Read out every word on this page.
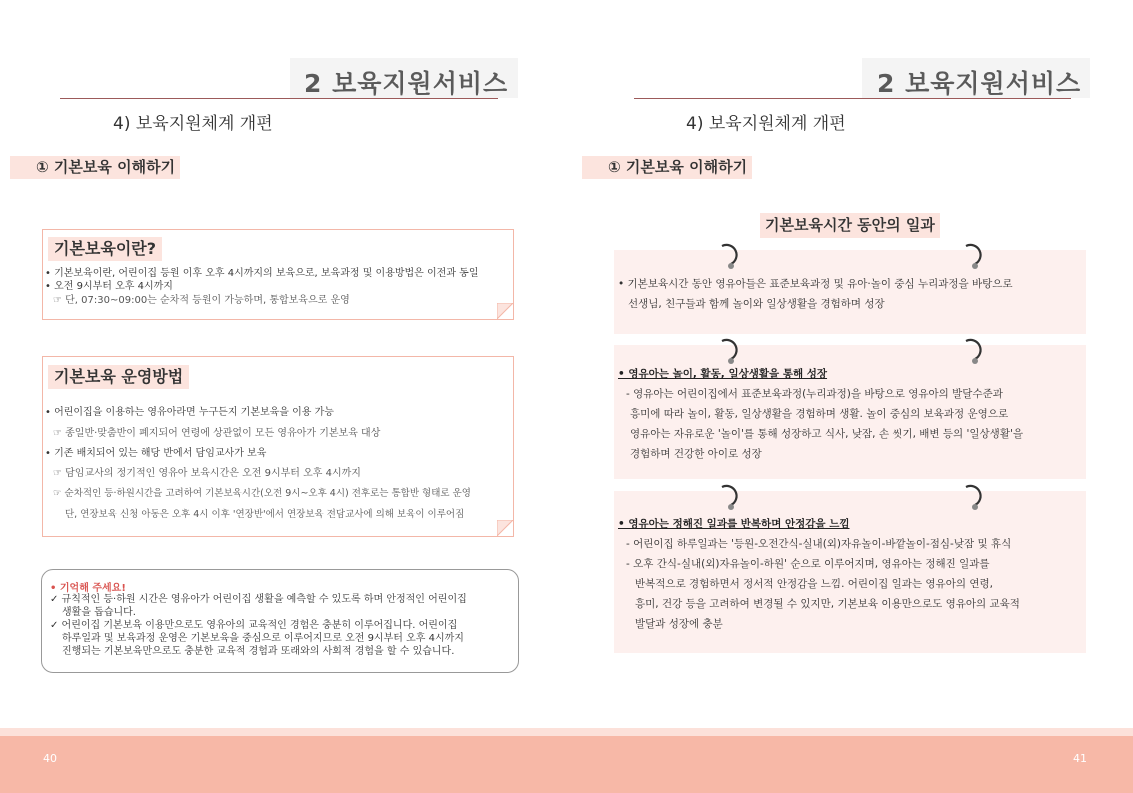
2 보육지원서비스
4) 보육지원체계 개편
① 기본보육 이해하기
기본보육이란?
• 기본보육이란, 어린이집 등원 이후 오후 4시까지의 보육으로, 보육과정 및 이용방법은 이전과 동일
• 오전 9시부터 오후 4시까지
☞ 단, 07:30~09:00는 순차적 등원이 가능하며, 통합보육으로 운영
기본보육 운영방법
• 어린이집을 이용하는 영유아라면 누구든지 기본보육을 이용 가능
☞ 종일반·맞춤반이 폐지되어 연령에 상관없이 모든 영유아가 기본보육 대상
• 기존 배치되어 있는 해당 반에서 담임교사가 보육
☞ 담임교사의 정기적인 영유아 보육시간은 오전 9시부터 오후 4시까지
☞ 순차적인 등·하원시간을 고려하여 기본보육시간(오전 9시~오후 4시) 전후로는 통합반 형태로 운영
단, 연장보육 신청 아동은 오후 4시 이후 '연장반'에서 연장보육 전담교사에 의해 보육이 이루어짐
• 기억해 주세요!
✓ 규칙적인 등·하원 시간은 영유아가 어린이집 생활을 예측할 수 있도록 하며 안정적인 어린이집
생활을 돕습니다.
✓ 어린이집 기본보육 이용만으로도 영유아의 교육적인 경험은 충분히 이루어집니다. 어린이집
하루일과 및 보육과정 운영은 기본보육을 중심으로 이루어지므로 오전 9시부터 오후 4시까지
진행되는 기본보육만으로도 충분한 교육적 경험과 또래와의 사회적 경험을 할 수 있습니다.
2 보육지원서비스
4) 보육지원체계 개편
① 기본보육 이해하기
기본보육시간 동안의 일과
• 기본보육시간 동안 영유아들은 표준보육과정 및 유아·놀이 중심 누리과정을 바탕으로
선생님, 친구들과 함께 놀이와 일상생활을 경험하며 성장
• 영유아는 놀이, 활동, 일상생활을 통해 성장
- 영유아는 어린이집에서 표준보육과정(누리과정)을 바탕으로 영유아의 발달수준과
흥미에 따라 놀이, 활동, 일상생활을 경험하며 생활. 놀이 중심의 보육과정 운영으로
영유아는 자유로운 '놀이'를 통해 성장하고 식사, 낮잠, 손 씻기, 배변 등의 '일상생활'을
경험하며 건강한 아이로 성장
• 영유아는 정해진 일과를 반복하며 안정감을 느낌
- 어린이집 하루일과는 '등원-오전간식-실내(외)자유놀이-바깥놀이-점심-낮잠 및 휴식
- 오후 간식-실내(외)자유놀이-하원' 순으로 이루어지며, 영유아는 정해진 일과를
반복적으로 경험하면서 정서적 안정감을 느낌. 어린이집 일과는 영유아의 연령,
흥미, 건강 등을 고려하여 변경될 수 있지만, 기본보육 이용만으로도 영유아의 교육적
발달과 성장에 충분
40	41
